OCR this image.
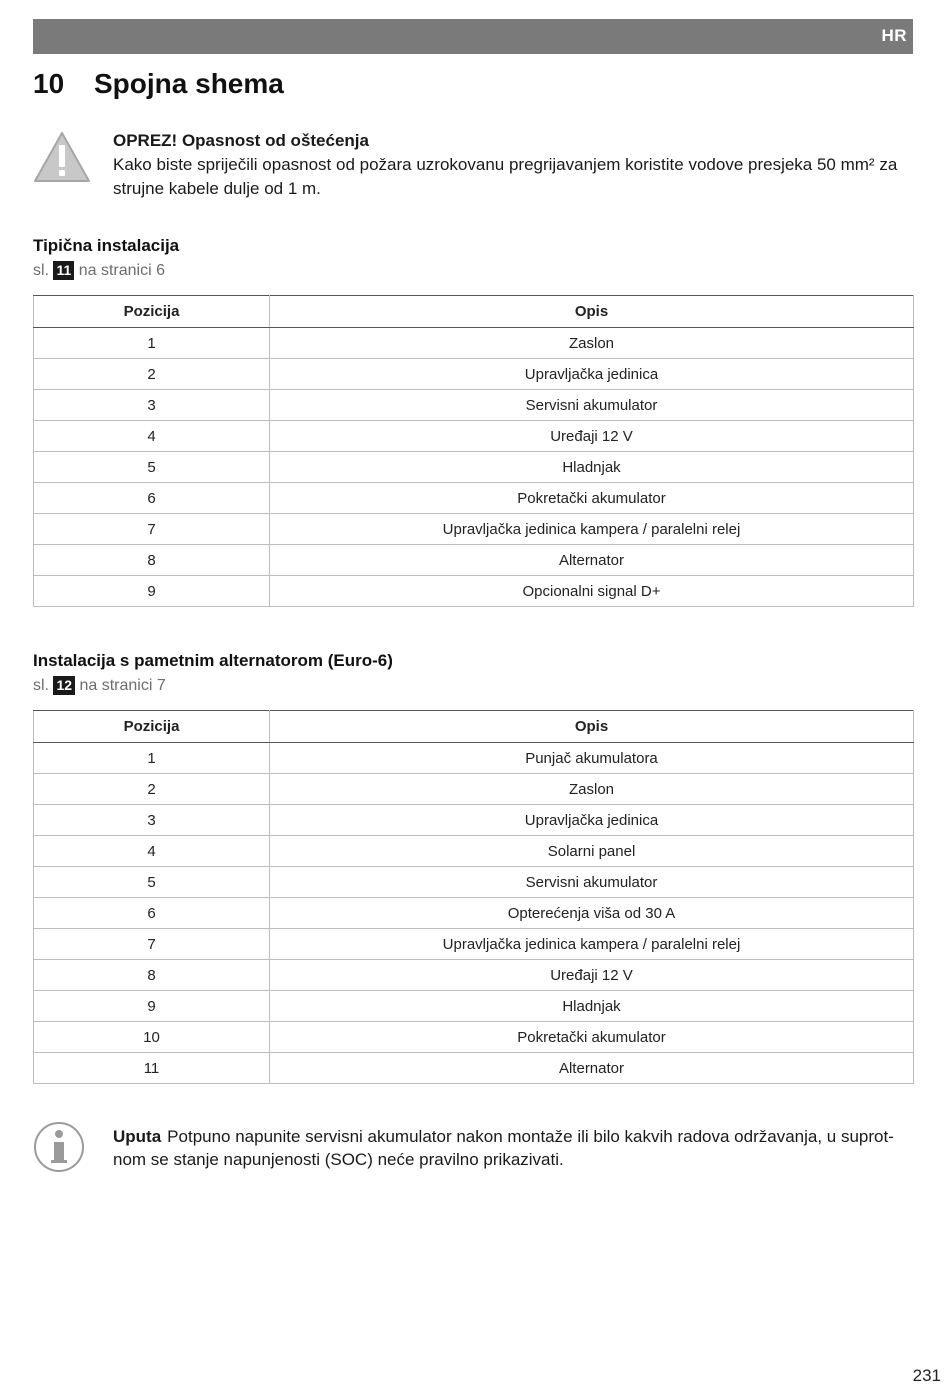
HR
10 Spojna shema
OPREZ! Opasnost od oštećenja
Kako biste spriječili opasnost od požara uzrokovanu pregrijavanjem koristite vodove presjeka 50 mm² za strujne kabele dulje od 1 m.
Tipična instalacija
sl. 11 na stranici 6
Pozicija	Opis
1	Zaslon
2	Upravljačka jedinica
3	Servisni akumulator
4	Uređaji 12 V
5	Hladnjak
6	Pokretački akumulator
7	Upravljačka jedinica kampera / paralelni relej
8	Alternator
9	Opcionalni signal D+
Instalacija s pametnim alternatorom (Euro-6)
sl. 12 na stranici 7
Pozicija	Opis
1	Punjač akumulatora
2	Zaslon
3	Upravljačka jedinica
4	Solarni panel
5	Servisni akumulator
6	Opterećenja viša od 30 A
7	Upravljačka jedinica kampera / paralelni relej
8	Uređaji 12 V
9	Hladnjak
10	Pokretački akumulator
11	Alternator
Uputa Potpuno napunite servisni akumulator nakon montaže ili bilo kakvih radova održavanja, u suprot-nom se stanje napunjenosti (SOC) neće pravilno prikazivati.
231
